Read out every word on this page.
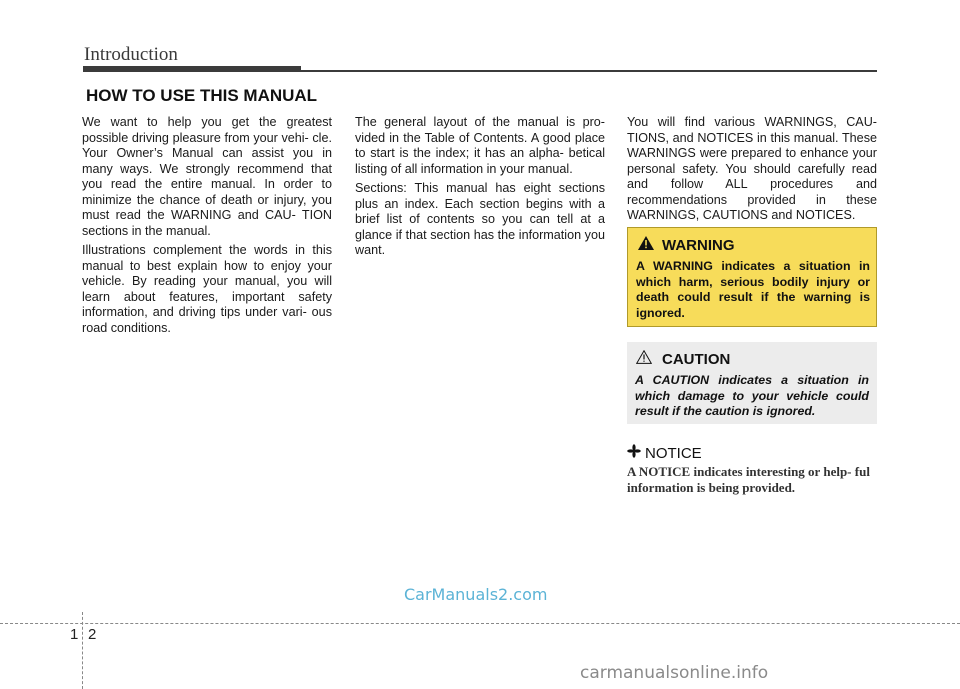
Introduction
HOW TO USE THIS MANUAL

We want to help you get the greatest possible driving pleasure from your vehi- cle. Your Owner’s Manual can assist you in many ways. We strongly recommend that you read the entire manual. In order to minimize the chance of death or injury, you must read the WARNING and CAU- TION sections in the manual.

Illustrations complement the words in this manual to best explain how to enjoy your vehicle. By reading your manual, you will learn about features, important safety information, and driving tips under vari- ous road conditions.

The general layout of the manual is pro- vided in the Table of Contents. A good place to start is the index; it has an alpha- betical listing of all information in your manual.

Sections: This manual has eight sections plus an index. Each section begins with a brief list of contents so you can tell at a glance if that section has the information you want.

You will find various WARNINGS, CAU- TIONS, and NOTICES in this manual. These WARNINGS were prepared to enhance your personal safety. You should carefully read and follow ALL procedures and recommendations provided in these WARNINGS, CAUTIONS and NOTICES.

WARNING
A WARNING indicates a situation in which harm, serious bodily injury or death could result if the warning is ignored.
CAUTION
A CAUTION indicates a situation in which damage to your vehicle could result if the caution is ignored.
NOTICE
A NOTICE indicates interesting or help- ful information is being provided.
CarManuals2.com
1 2
carmanualsonline.info
